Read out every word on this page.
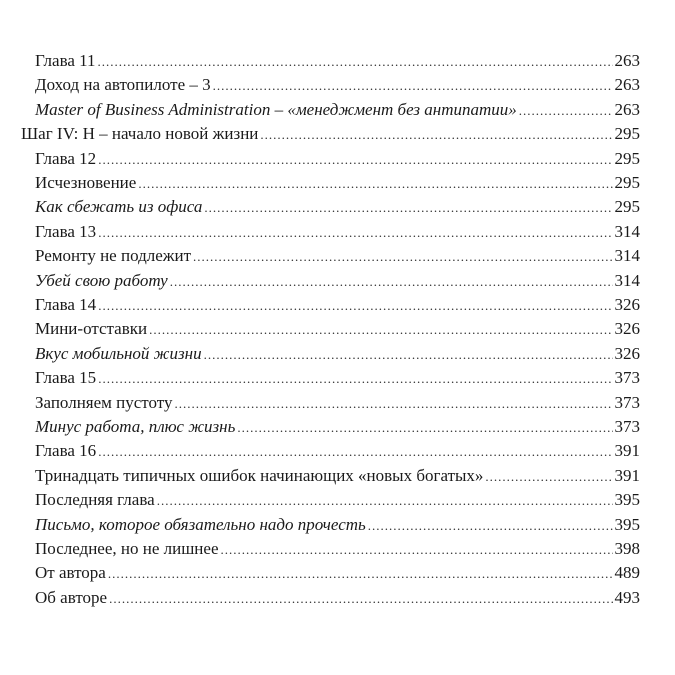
Глава 11 .....	263
Доход на автопилоте – 3 .....	263
Master of Business Administration – «менеджмент без антипатии» .....	263
Шаг IV: Н – начало новой жизни .....	295
Глава 12 .....	295
Исчезновение .....	295
Как сбежать из офиса .....	295
Глава 13 .....	314
Ремонту не подлежит .....	314
Убей свою работу .....	314
Глава 14 .....	326
Мини-отставки .....	326
Вкус мобильной жизни .....	326
Глава 15 .....	373
Заполняем пустоту .....	373
Минус работа, плюс жизнь .....	373
Глава 16 .....	391
Тринадцать типичных ошибок начинающих «новых богатых» .....	391
Последняя глава .....	395
Письмо, которое обязательно надо прочесть .....	395
Последнее, но не лишнее .....	398
От автора .....	489
Об авторе .....	493
